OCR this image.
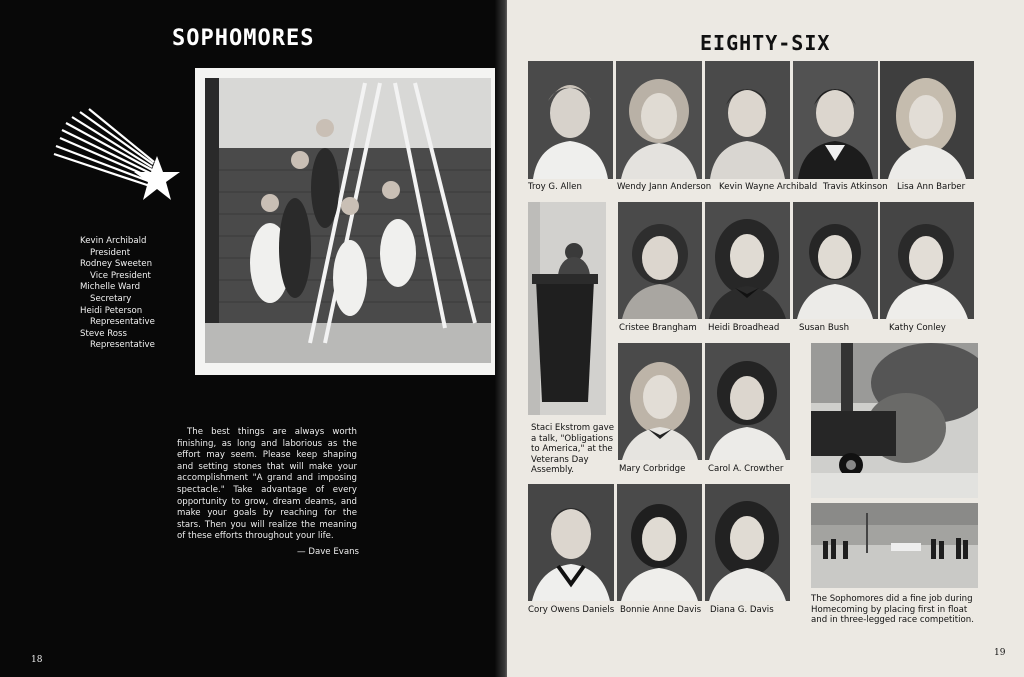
SOPHOMORES
Kevin Archibald
President
Rodney Sweeten
Vice President
Michelle Ward
Secretary
Heidi Peterson
Representative
Steve Ross
Representative
The best things are always worth finishing, as long and laborious as the effort may seem. Please keep shaping and setting stones that will make your accomplishment "A grand and imposing spectacle." Take advantage of every opportunity to grow, dream deams, and make your goals by reaching for the stars. Then you will realize the meaning of these efforts throughout your life.
— Dave Evans
18
EIGHTY-SIX
Troy G. Allen	Wendy Jann Anderson Kevin Wayne Archibald Travis Atkinson Lisa Ann Barber
Staci Ekstrom gave a talk, "Obligations to America," at the Veterans Day Assembly.
Cristee Brangham Heidi Broadhead Susan Bush	Kathy Conley
Mary Corbridge	Carol A. Crowther
Cory Owens Daniels Bonnie Anne Davis Diana G. Davis
The Sophomores did a fine job during Homecoming by placing first in float and in three-legged race competition.
19
